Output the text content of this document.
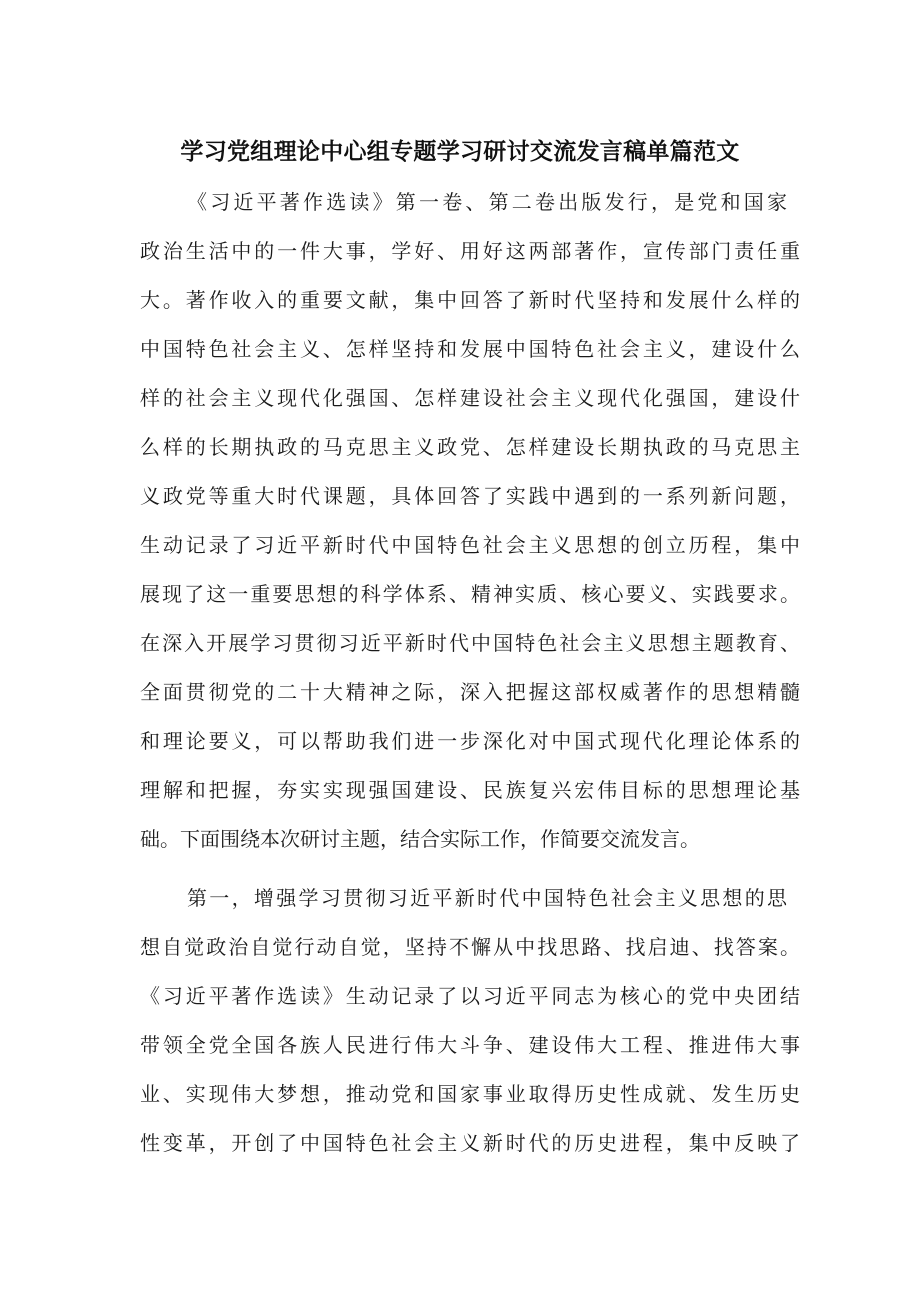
学习党组理论中心组专题学习研讨交流发言稿单篇范文
《习近平著作选读》第一卷、第二卷出版发行，是党和国家
政治生活中的一件大事，学好、用好这两部著作，宣传部门责任重
大。著作收入的重要文献，集中回答了新时代坚持和发展什么样的
中国特色社会主义、怎样坚持和发展中国特色社会主义，建设什么
样的社会主义现代化强国、怎样建设社会主义现代化强国，建设什
么样的长期执政的马克思主义政党、怎样建设长期执政的马克思主
义政党等重大时代课题，具体回答了实践中遇到的一系列新问题，
生动记录了习近平新时代中国特色社会主义思想的创立历程，集中
展现了这一重要思想的科学体系、精神实质、核心要义、实践要求。
在深入开展学习贯彻习近平新时代中国特色社会主义思想主题教育、
全面贯彻党的二十大精神之际，深入把握这部权威著作的思想精髓
和理论要义，可以帮助我们进一步深化对中国式现代化理论体系的
理解和把握，夯实实现强国建设、民族复兴宏伟目标的思想理论基
础。下面围绕本次研讨主题，结合实际工作，作简要交流发言。
第一，增强学习贯彻习近平新时代中国特色社会主义思想的思
想自觉政治自觉行动自觉，坚持不懈从中找思路、找启迪、找答案。
《习近平著作选读》生动记录了以习近平同志为核心的党中央团结
带领全党全国各族人民进行伟大斗争、建设伟大工程、推进伟大事
业、实现伟大梦想，推动党和国家事业取得历史性成就、发生历史
性变革，开创了中国特色社会主义新时代的历史进程，集中反映了
